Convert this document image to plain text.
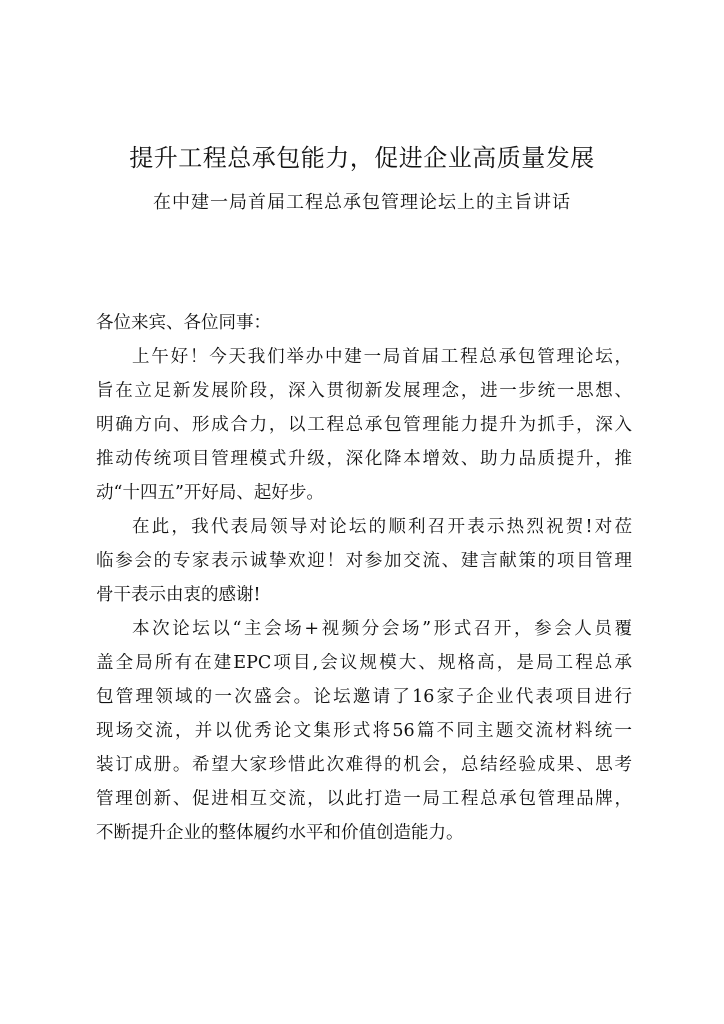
提升工程总承包能力，促进企业高质量发展
在中建一局首届工程总承包管理论坛上的主旨讲话

各位来宾、各位同事：

上午好！今天我们举办中建一局首届工程总承包管理论坛，
旨在立足新发展阶段，深入贯彻新发展理念，进一步统一思想、
明确方向、形成合力，以工程总承包管理能力提升为抓手，深入
推动传统项目管理模式升级，深化降本增效、助力品质提升，推
动“十四五”开好局、起好步。

在此，我代表局领导对论坛的顺利召开表示热烈祝贺!对莅
临参会的专家表示诚挚欢迎！对参加交流、建言献策的项目管理
骨干表示由衷的感谢!

本次论坛以“主会场+视频分会场”形式召开，参会人员覆
盖全局所有在建EPC项目,会议规模大、规格高，是局工程总承
包管理领域的一次盛会。论坛邀请了16家子企业代表项目进行
现场交流，并以优秀论文集形式将56篇不同主题交流材料统一
装订成册。希望大家珍惜此次难得的机会，总结经验成果、思考
管理创新、促进相互交流，以此打造一局工程总承包管理品牌，
不断提升企业的整体履约水平和价值创造能力。
